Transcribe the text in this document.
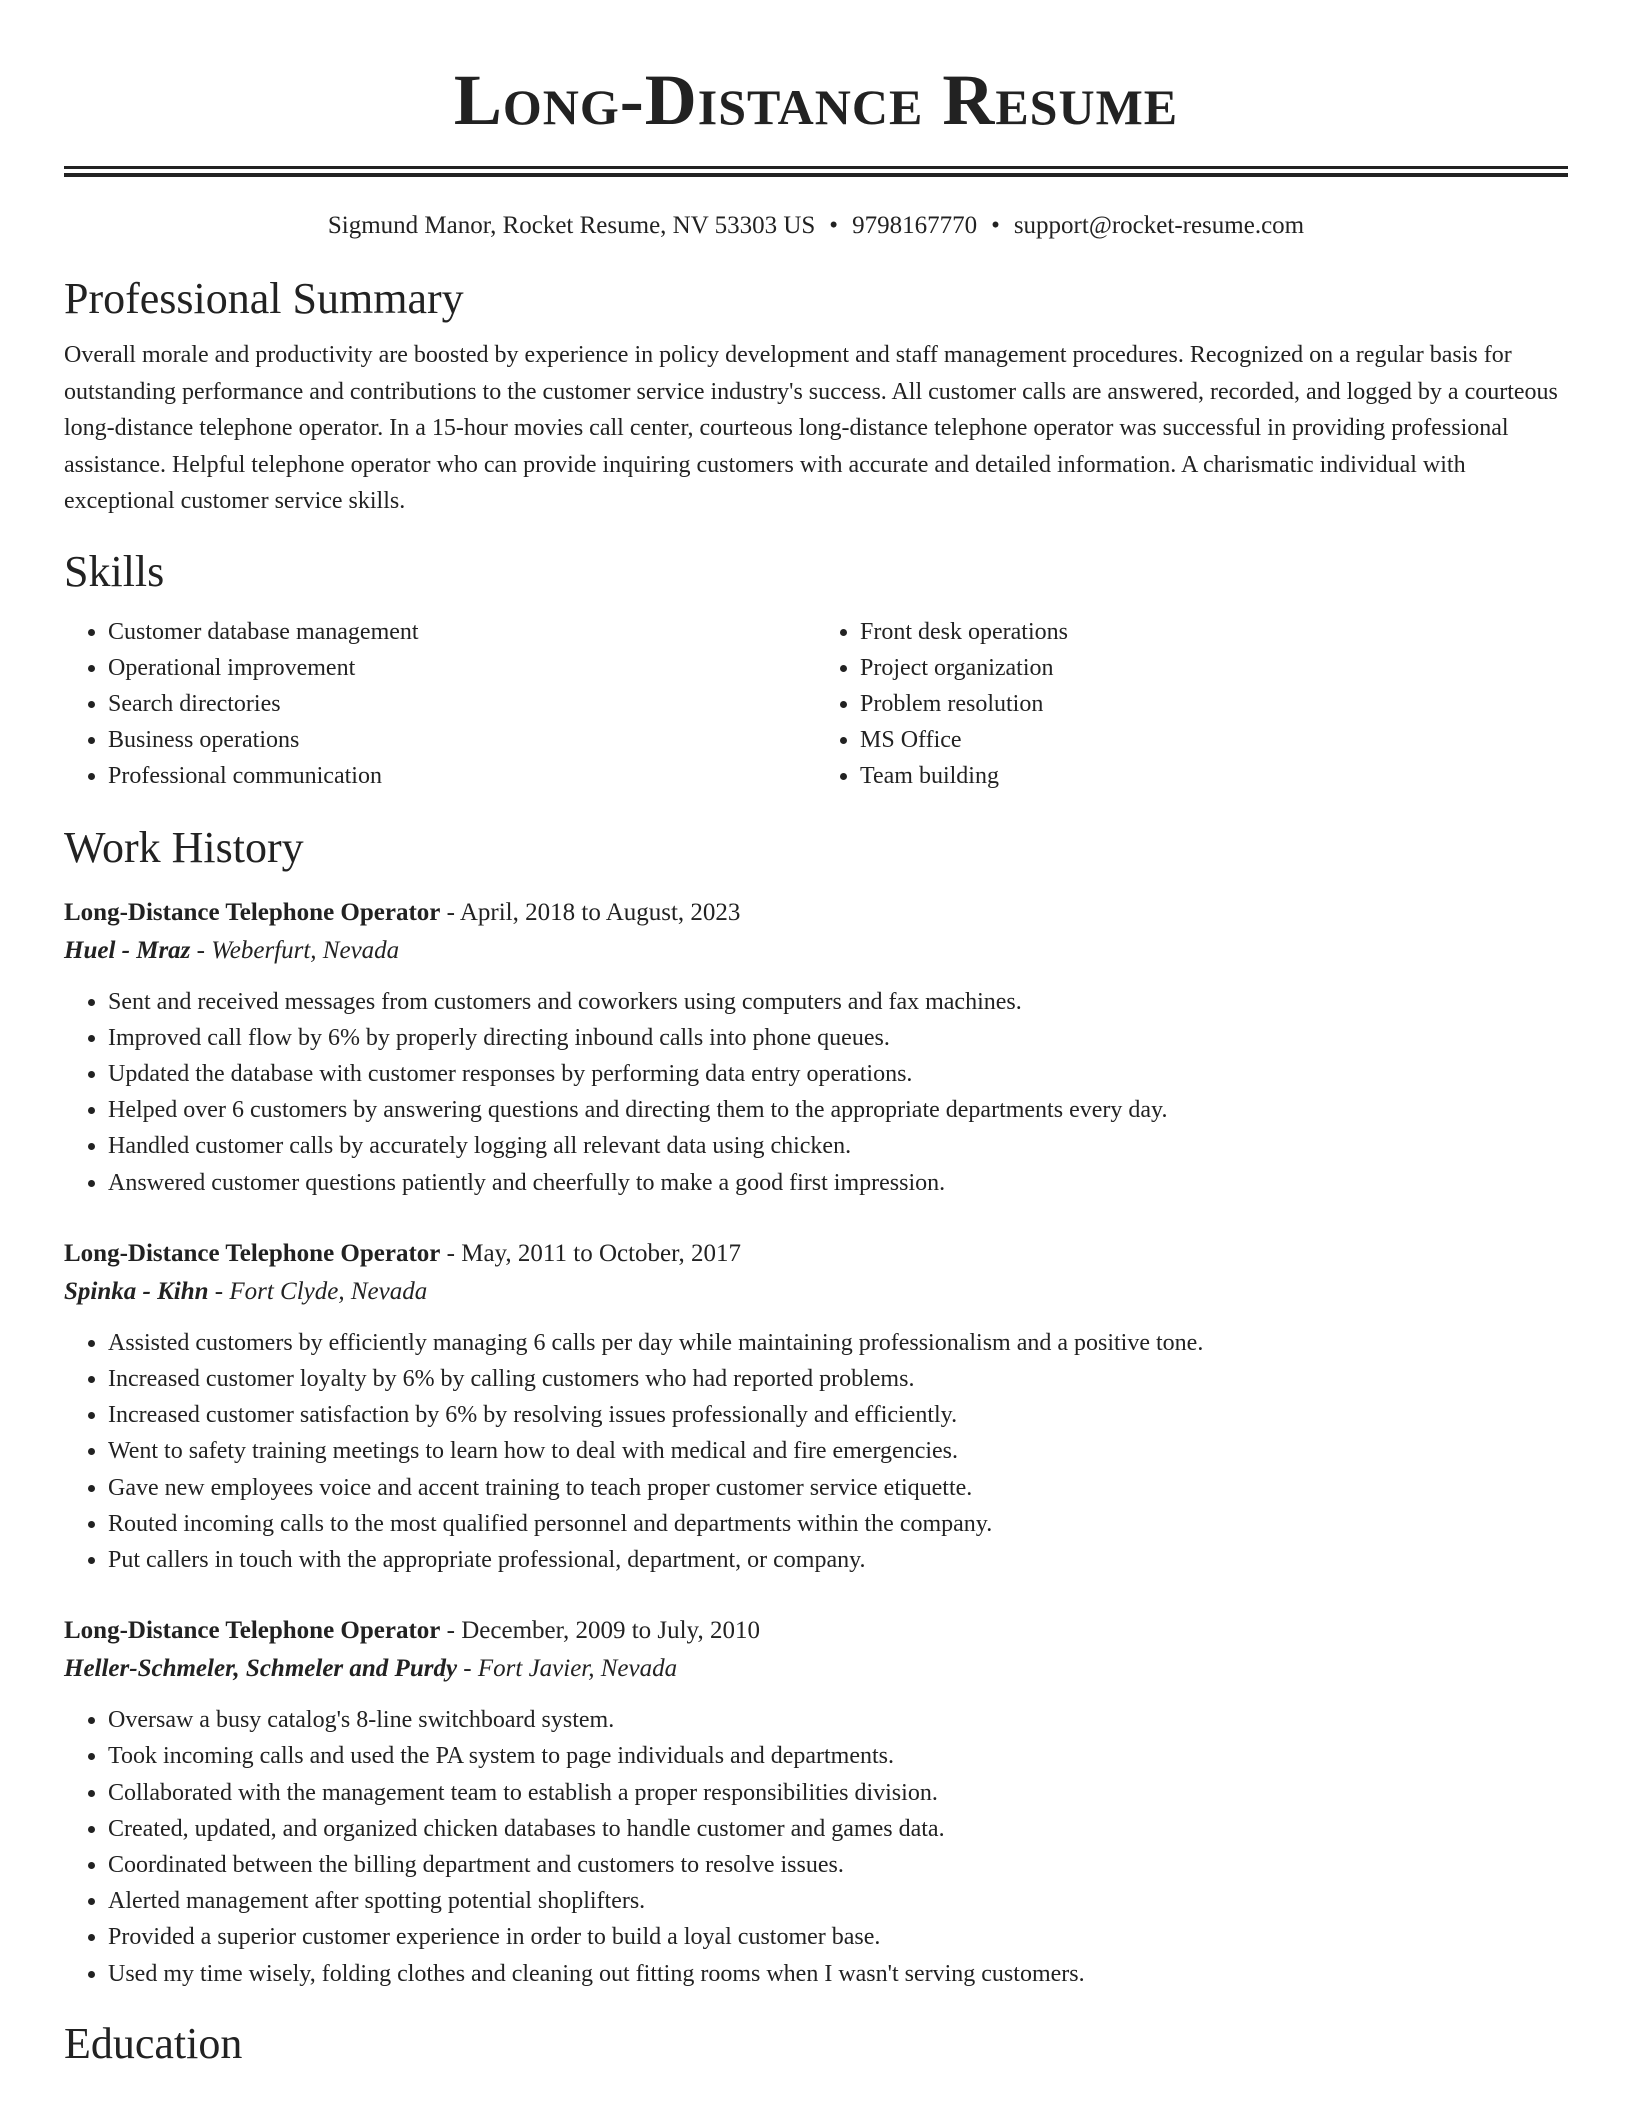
Long-Distance Resume
Sigmund Manor, Rocket Resume, NV 53303 US • 9798167770 • support@rocket-resume.com
Professional Summary

Overall morale and productivity are boosted by experience in policy development and staff management procedures. Recognized on a regular basis for outstanding performance and contributions to the customer service industry's success. All customer calls are answered, recorded, and logged by a courteous long-distance telephone operator. In a 15-hour movies call center, courteous long-distance telephone operator was successful in providing professional assistance. Helpful telephone operator who can provide inquiring customers with accurate and detailed information. A charismatic individual with exceptional customer service skills.

Skills
• Customer database management
• Operational improvement
• Search directories
• Business operations
• Professional communication
• Front desk operations
• Project organization
• Problem resolution
• MS Office
• Team building
Work History
Long-Distance Telephone Operator - April, 2018 to August, 2023
Huel - Mraz - Weberfurt, Nevada
• Sent and received messages from customers and coworkers using computers and fax machines.
• Improved call flow by 6% by properly directing inbound calls into phone queues.
• Updated the database with customer responses by performing data entry operations.
• Helped over 6 customers by answering questions and directing them to the appropriate departments every day.
• Handled customer calls by accurately logging all relevant data using chicken.
• Answered customer questions patiently and cheerfully to make a good first impression.
Long-Distance Telephone Operator - May, 2011 to October, 2017
Spinka - Kihn - Fort Clyde, Nevada
• Assisted customers by efficiently managing 6 calls per day while maintaining professionalism and a positive tone.
• Increased customer loyalty by 6% by calling customers who had reported problems.
• Increased customer satisfaction by 6% by resolving issues professionally and efficiently.
• Went to safety training meetings to learn how to deal with medical and fire emergencies.
• Gave new employees voice and accent training to teach proper customer service etiquette.
• Routed incoming calls to the most qualified personnel and departments within the company.
• Put callers in touch with the appropriate professional, department, or company.
Long-Distance Telephone Operator - December, 2009 to July, 2010
Heller-Schmeler, Schmeler and Purdy - Fort Javier, Nevada
• Oversaw a busy catalog's 8-line switchboard system.
• Took incoming calls and used the PA system to page individuals and departments.
• Collaborated with the management team to establish a proper responsibilities division.
• Created, updated, and organized chicken databases to handle customer and games data.
• Coordinated between the billing department and customers to resolve issues.
• Alerted management after spotting potential shoplifters.
• Provided a superior customer experience in order to build a loyal customer base.
• Used my time wisely, folding clothes and cleaning out fitting rooms when I wasn't serving customers.
Education
